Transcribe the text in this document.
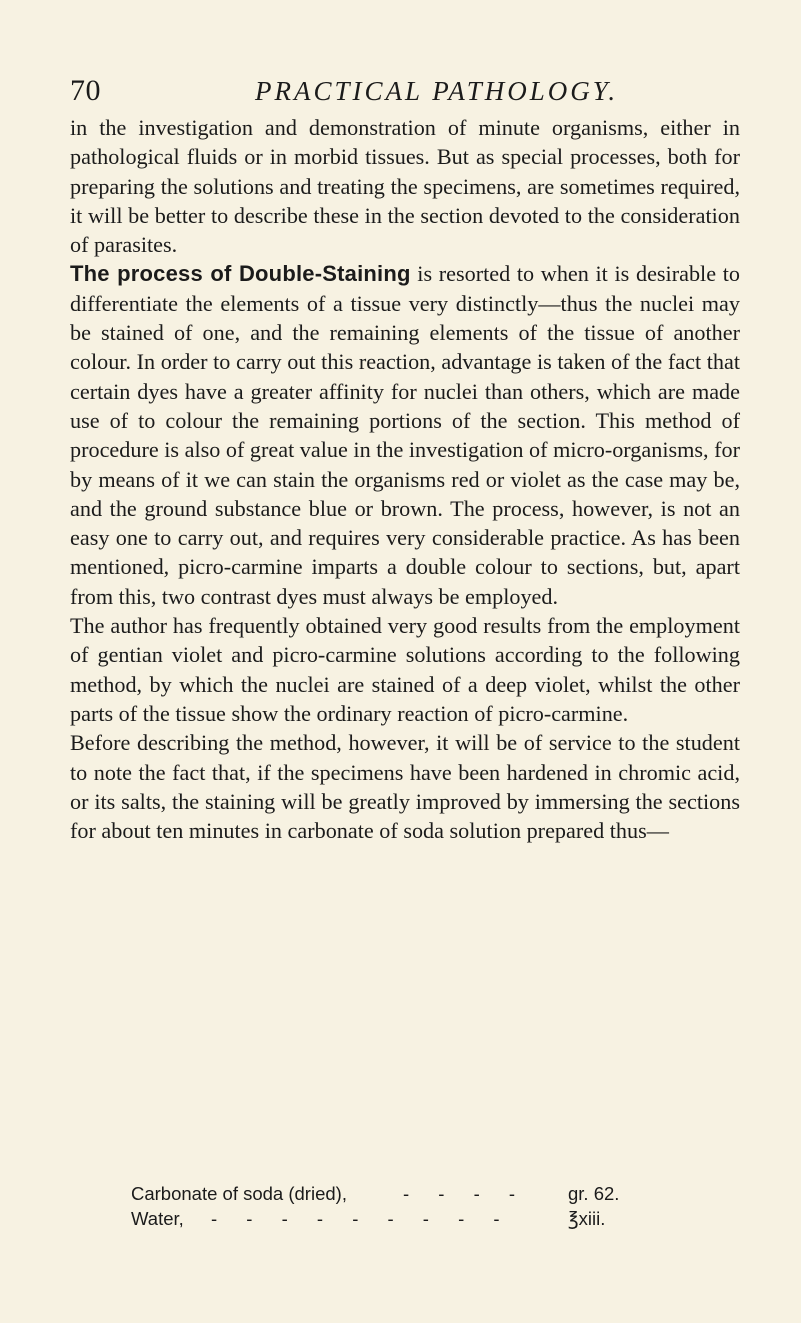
70	PRACTICAL PATHOLOGY.

in the investigation and demonstration of minute organisms, either in pathological fluids or in morbid tissues. But as special processes, both for preparing the solutions and treating the specimens, are sometimes required, it will be better to describe these in the section devoted to the consideration of parasites.

The process of Double-Staining is resorted to when it is desirable to differentiate the elements of a tissue very distinctly—thus the nuclei may be stained of one, and the remaining elements of the tissue of another colour. In order to carry out this reaction, advantage is taken of the fact that certain dyes have a greater affinity for nuclei than others, which are made use of to colour the remaining portions of the section. This method of procedure is also of great value in the investigation of micro-organisms, for by means of it we can stain the organisms red or violet as the case may be, and the ground substance blue or brown. The process, however, is not an easy one to carry out, and requires very considerable practice. As has been mentioned, picro-carmine imparts a double colour to sections, but, apart from this, two contrast dyes must always be employed.

The author has frequently obtained very good results from the employment of gentian violet and picro-carmine solutions according to the following method, by which the nuclei are stained of a deep violet, whilst the other parts of the tissue show the ordinary reaction of picro-carmine.

Before describing the method, however, it will be of service to the student to note the fact that, if the specimens have been hardened in chromic acid, or its salts, the staining will be greatly improved by immersing the sections for about ten minutes in carbonate of soda solution prepared thus—

Carbonate of soda (dried),	- - - - gr. 62.
Water, - - - - - - - - -	℥xiii.
